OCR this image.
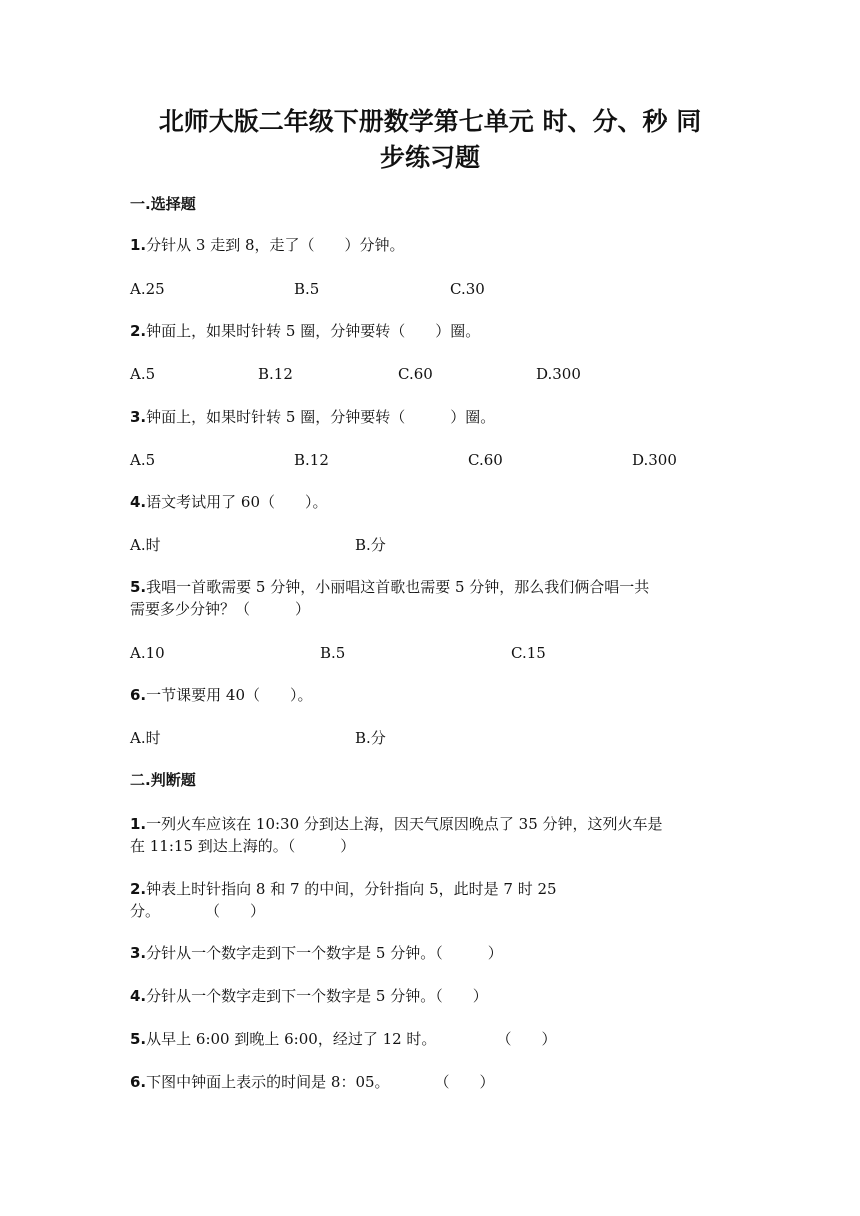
北师大版二年级下册数学第七单元 时、分、秒 同
步练习题
一.选择题
1.分针从 3 走到 8，走了（　　）分钟。
A.25	B.5	C.30
2.钟面上，如果时针转 5 圈，分钟要转（　　）圈。
A.5	B.12	C.60	D.300
3.钟面上，如果时针转 5 圈，分钟要转（　　　）圈。
A.5	B.12	C.60	D.300
4.语文考试用了 60（　　）。
A.时	B.分
5.我唱一首歌需要 5 分钟，小丽唱这首歌也需要 5 分钟，那么我们俩合唱一共
需要多少分钟？（　　　）
A.10	B.5	C.15
6.一节课要用 40（　　）。
A.时	B.分
二.判断题
1.一列火车应该在 10:30 分到达上海，因天气原因晚点了 35 分钟，这列火车是
在 11:15 到达上海的。（　　　）
2.钟表上时针指向 8 和 7 的中间，分针指向 5，此时是 7 时 25
分。　　　　（　　）
3.分针从一个数字走到下一个数字是 5 分钟。（　　　）
4.分针从一个数字走到下一个数字是 5 分钟。（　　）
5.从早上 6:00 到晚上 6:00，经过了 12 时。　　　　　（　　）
6.下图中钟面上表示的时间是 8：05。　　　　（　　）
